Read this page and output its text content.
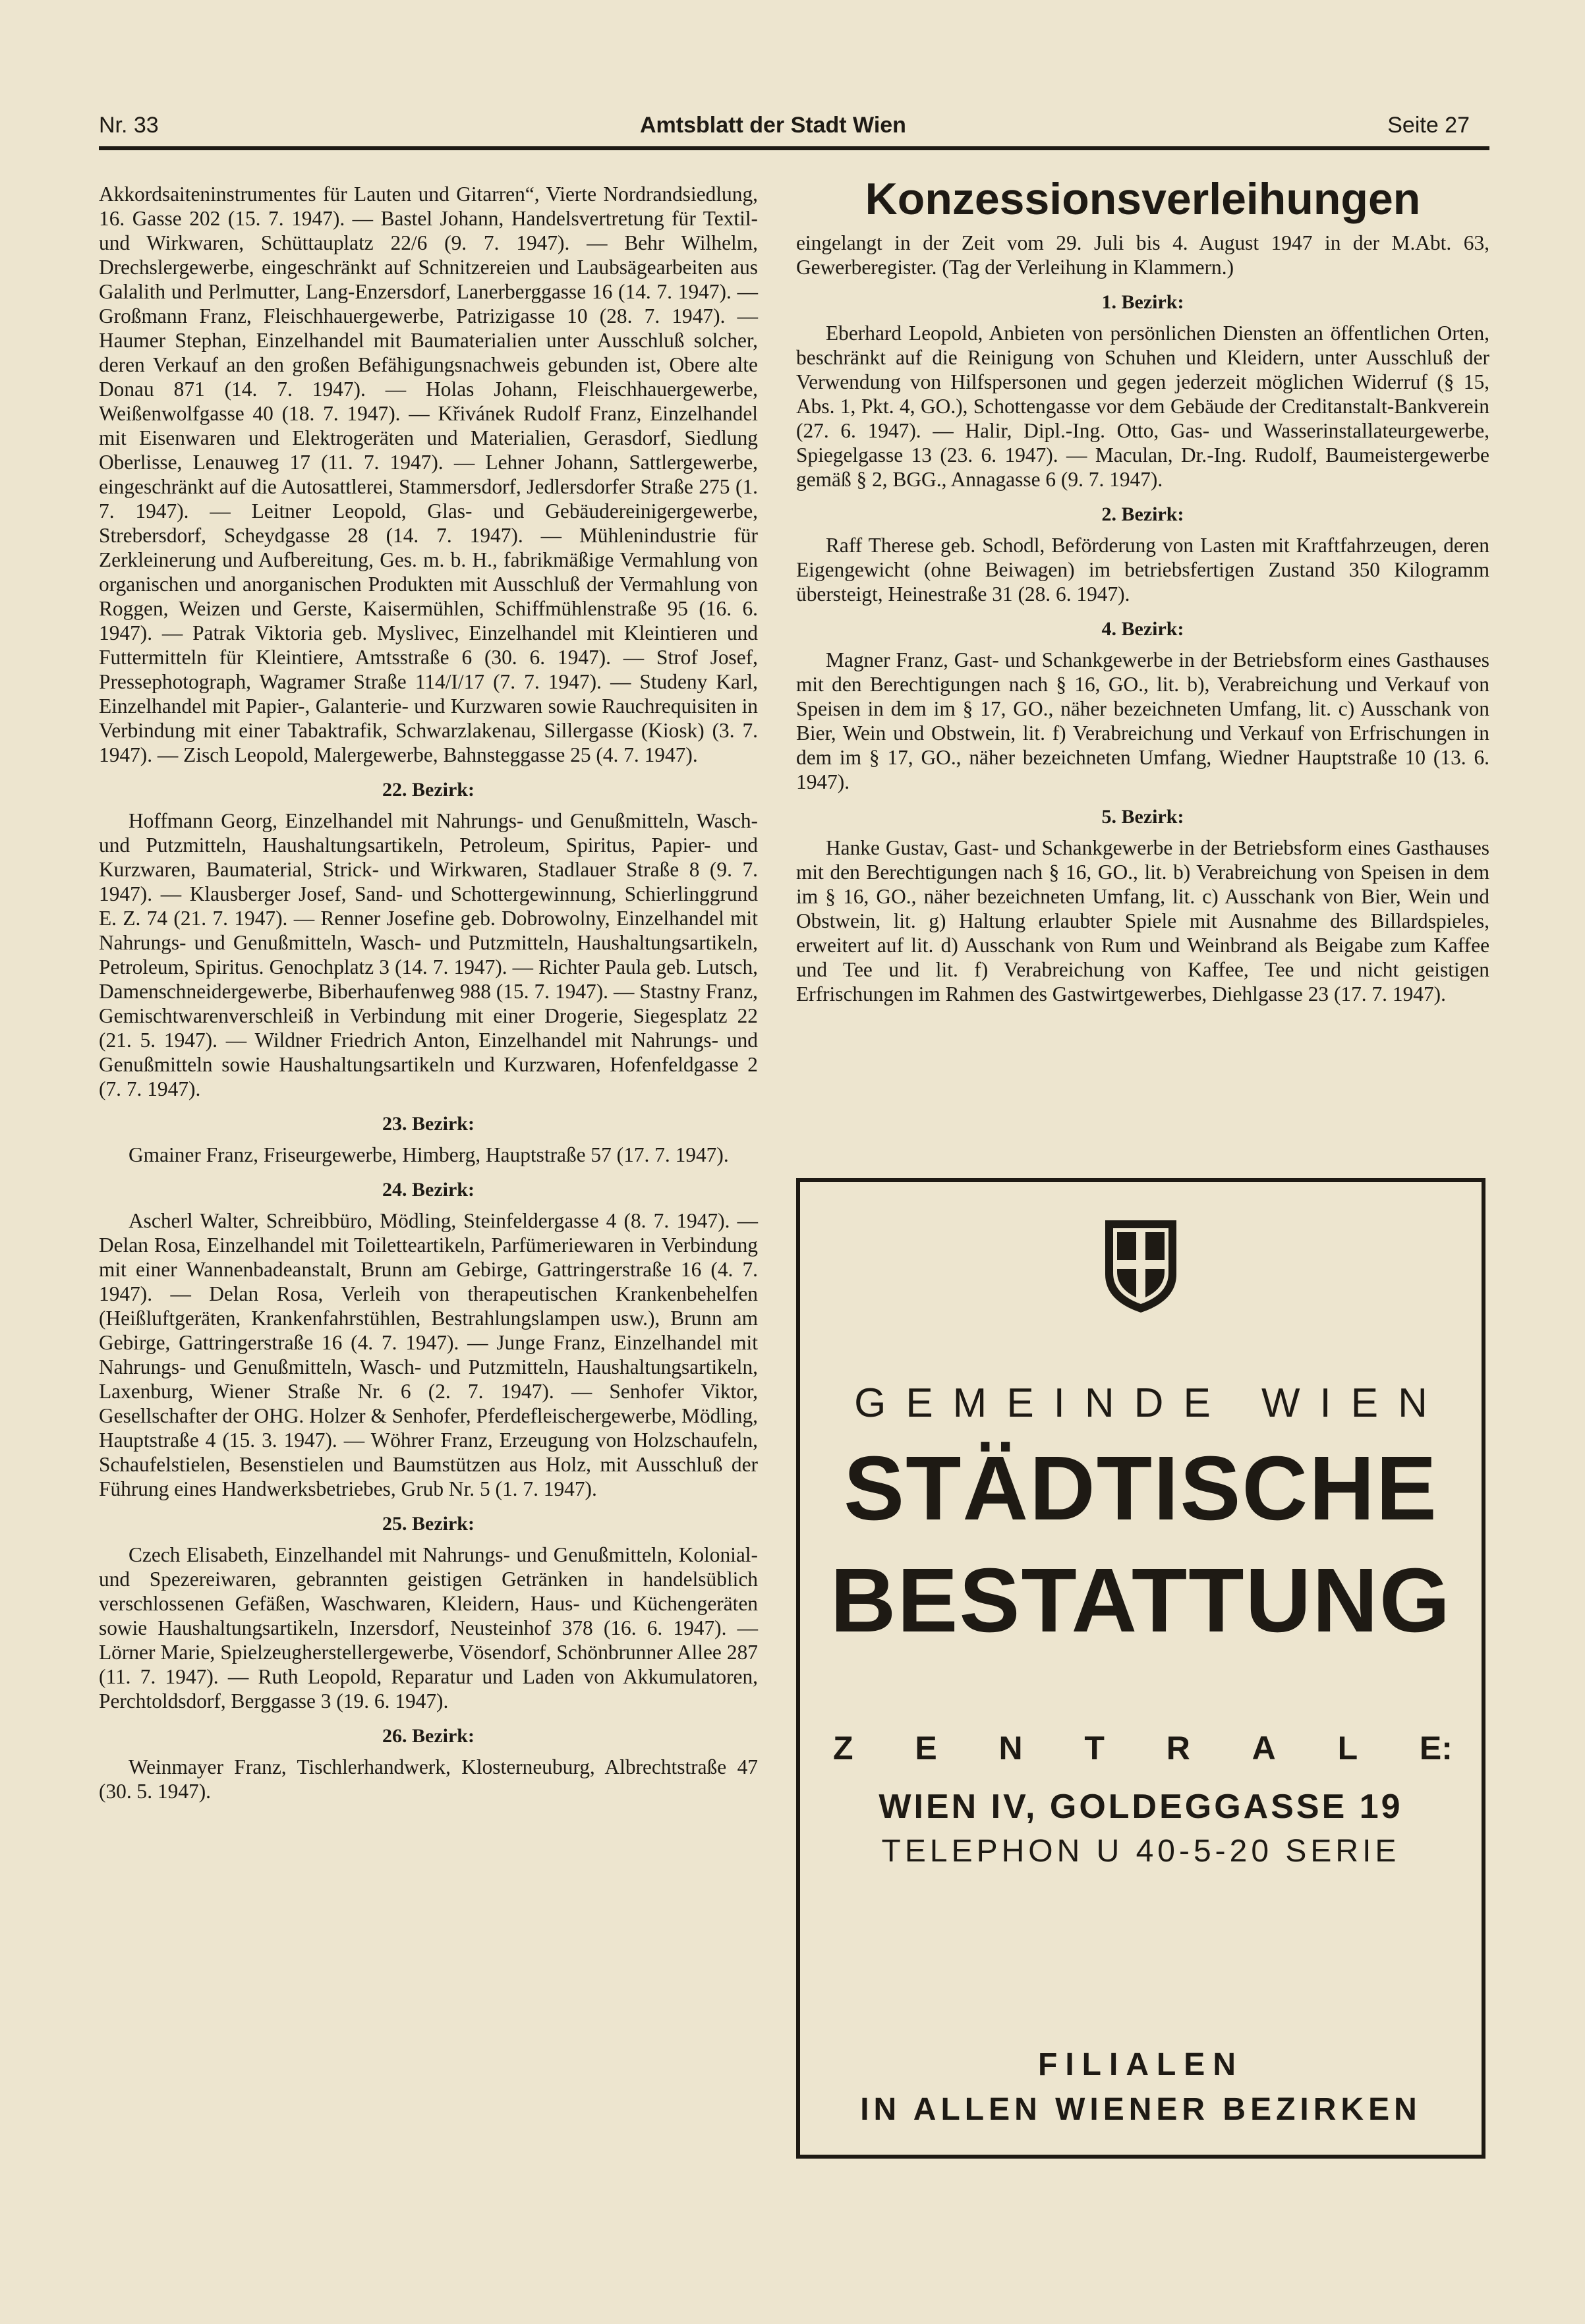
Nr. 33	Amtsblatt der Stadt Wien	Seite 27

Akkordsaiteninstrumentes für Lauten und Gitarren“, Vierte Nordrandsiedlung, 16. Gasse 202 (15. 7. 1947). — Bastel Johann, Handelsvertretung für Textil- und Wirkwaren, Schüttauplatz 22/6 (9. 7. 1947). — Behr Wilhelm, Drechslergewerbe, eingeschränkt auf Schnitzereien und Laubsägearbeiten aus Galalith und Perlmutter, Lang-Enzersdorf, Lanerberggasse 16 (14. 7. 1947). — Großmann Franz, Fleischhauergewerbe, Patrizigasse 10 (28. 7. 1947). — Haumer Stephan, Einzelhandel mit Baumaterialien unter Ausschluß solcher, deren Verkauf an den großen Befähigungsnachweis gebunden ist, Obere alte Donau 871 (14. 7. 1947). — Holas Johann, Fleischhauergewerbe, Weißenwolfgasse 40 (18. 7. 1947). — Křivánek Rudolf Franz, Einzelhandel mit Eisenwaren und Elektrogeräten und Materialien, Gerasdorf, Siedlung Oberlisse, Lenauweg 17 (11. 7. 1947). — Lehner Johann, Sattlergewerbe, eingeschränkt auf die Autosattlerei, Stammersdorf, Jedlersdorfer Straße 275 (1. 7. 1947). — Leitner Leopold, Glas- und Gebäudereinigergewerbe, Strebersdorf, Scheydgasse 28 (14. 7. 1947). — Mühlenindustrie für Zerkleinerung und Aufbereitung, Ges. m. b. H., fabrikmäßige Vermahlung von organischen und anorganischen Produkten mit Ausschluß der Vermahlung von Roggen, Weizen und Gerste, Kaisermühlen, Schiffmühlenstraße 95 (16. 6. 1947). — Patrak Viktoria geb. Myslivec, Einzelhandel mit Kleintieren und Futtermitteln für Kleintiere, Amtsstraße 6 (30. 6. 1947). — Strof Josef, Pressephotograph, Wagramer Straße 114/I/17 (7. 7. 1947). — Studeny Karl, Einzelhandel mit Papier-, Galanterie- und Kurzwaren sowie Rauchrequisiten in Verbindung mit einer Tabaktrafik, Schwarzlakenau, Sillergasse (Kiosk) (3. 7. 1947). — Zisch Leopold, Malergewerbe, Bahnsteggasse 25 (4. 7. 1947).

22. Bezirk:

Hoffmann Georg, Einzelhandel mit Nahrungs- und Genußmitteln, Wasch- und Putzmitteln, Haushaltungsartikeln, Petroleum, Spiritus, Papier- und Kurzwaren, Baumaterial, Strick- und Wirkwaren, Stadlauer Straße 8 (9. 7. 1947). — Klausberger Josef, Sand- und Schottergewinnung, Schierlinggrund E. Z. 74 (21. 7. 1947). — Renner Josefine geb. Dobrowolny, Einzelhandel mit Nahrungs- und Genußmitteln, Wasch- und Putzmitteln, Haushaltungsartikeln, Petroleum, Spiritus. Genochplatz 3 (14. 7. 1947). — Richter Paula geb. Lutsch, Damenschneidergewerbe, Biberhaufenweg 988 (15. 7. 1947). — Stastny Franz, Gemischtwarenverschleiß in Verbindung mit einer Drogerie, Siegesplatz 22 (21. 5. 1947). — Wildner Friedrich Anton, Einzelhandel mit Nahrungs- und Genußmitteln sowie Haushaltungsartikeln und Kurzwaren, Hofenfeldgasse 2 (7. 7. 1947).

23. Bezirk:

Gmainer Franz, Friseurgewerbe, Himberg, Hauptstraße 57 (17. 7. 1947).

24. Bezirk:

Ascherl Walter, Schreibbüro, Mödling, Steinfeldergasse 4 (8. 7. 1947). — Delan Rosa, Einzelhandel mit Toiletteartikeln, Parfümeriewaren in Verbindung mit einer Wannenbadeanstalt, Brunn am Gebirge, Gattringerstraße 16 (4. 7. 1947). — Delan Rosa, Verleih von therapeutischen Krankenbehelfen (Heißluftgeräten, Krankenfahrstühlen, Bestrahlungslampen usw.), Brunn am Gebirge, Gattringerstraße 16 (4. 7. 1947). — Junge Franz, Einzelhandel mit Nahrungs- und Genußmitteln, Wasch- und Putzmitteln, Haushaltungsartikeln, Laxenburg, Wiener Straße Nr. 6 (2. 7. 1947). — Senhofer Viktor, Gesellschafter der OHG. Holzer & Senhofer, Pferdefleischergewerbe, Mödling, Hauptstraße 4 (15. 3. 1947). — Wöhrer Franz, Erzeugung von Holzschaufeln, Schaufelstielen, Besenstielen und Baumstützen aus Holz, mit Ausschluß der Führung eines Handwerksbetriebes, Grub Nr. 5 (1. 7. 1947).

25. Bezirk:

Czech Elisabeth, Einzelhandel mit Nahrungs- und Genußmitteln, Kolonial- und Spezereiwaren, gebrannten geistigen Getränken in handelsüblich verschlossenen Gefäßen, Waschwaren, Kleidern, Haus- und Küchengeräten sowie Haushaltungsartikeln, Inzersdorf, Neusteinhof 378 (16. 6. 1947). — Lörner Marie, Spielzeugherstellergewerbe, Vösendorf, Schönbrunner Allee 287 (11. 7. 1947). — Ruth Leopold, Reparatur und Laden von Akkumulatoren, Perchtoldsdorf, Berggasse 3 (19. 6. 1947).

26. Bezirk:

Weinmayer Franz, Tischlerhandwerk, Klosterneuburg, Albrechtstraße 47 (30. 5. 1947).

Konzessionsverleihungen

eingelangt in der Zeit vom 29. Juli bis 4. August 1947 in der M.Abt. 63, Gewerberegister. (Tag der Verleihung in Klammern.)

1. Bezirk:

Eberhard Leopold, Anbieten von persönlichen Diensten an öffentlichen Orten, beschränkt auf die Reinigung von Schuhen und Kleidern, unter Ausschluß der Verwendung von Hilfspersonen und gegen jederzeit möglichen Widerruf (§ 15, Abs. 1, Pkt. 4, GO.), Schottengasse vor dem Gebäude der Creditanstalt-Bankverein (27. 6. 1947). — Halir, Dipl.-Ing. Otto, Gas- und Wasserinstallateurgewerbe, Spiegelgasse 13 (23. 6. 1947). — Maculan, Dr.-Ing. Rudolf, Baumeistergewerbe gemäß § 2, BGG., Annagasse 6 (9. 7. 1947).

2. Bezirk:

Raff Therese geb. Schodl, Beförderung von Lasten mit Kraftfahrzeugen, deren Eigengewicht (ohne Beiwagen) im betriebsfertigen Zustand 350 Kilogramm übersteigt, Heinestraße 31 (28. 6. 1947).

4. Bezirk:

Magner Franz, Gast- und Schankgewerbe in der Betriebsform eines Gasthauses mit den Berechtigungen nach § 16, GO., lit. b), Verabreichung und Verkauf von Speisen in dem im § 17, GO., näher bezeichneten Umfang, lit. c) Ausschank von Bier, Wein und Obstwein, lit. f) Verabreichung und Verkauf von Erfrischungen in dem im § 17, GO., näher bezeichneten Umfang, Wiedner Hauptstraße 10 (13. 6. 1947).

5. Bezirk:

Hanke Gustav, Gast- und Schankgewerbe in der Betriebsform eines Gasthauses mit den Berechtigungen nach § 16, GO., lit. b) Verabreichung von Speisen in dem im § 16, GO., näher bezeichneten Umfang, lit. c) Ausschank von Bier, Wein und Obstwein, lit. g) Haltung erlaubter Spiele mit Ausnahme des Billardspieles, erweitert auf lit. d) Ausschank von Rum und Weinbrand als Beigabe zum Kaffee und Tee und lit. f) Verabreichung von Kaffee, Tee und nicht geistigen Erfrischungen im Rahmen des Gastwirtgewerbes, Diehlgasse 23 (17. 7. 1947).

GEMEINDE WIEN
STÄDTISCHE
BESTATTUNG
Z E N T R A L E:
WIEN IV, GOLDEGGASSE 19
TELEPHON U 40-5-20 SERIE
FILIALEN
IN ALLEN WIENER BEZIRKEN
